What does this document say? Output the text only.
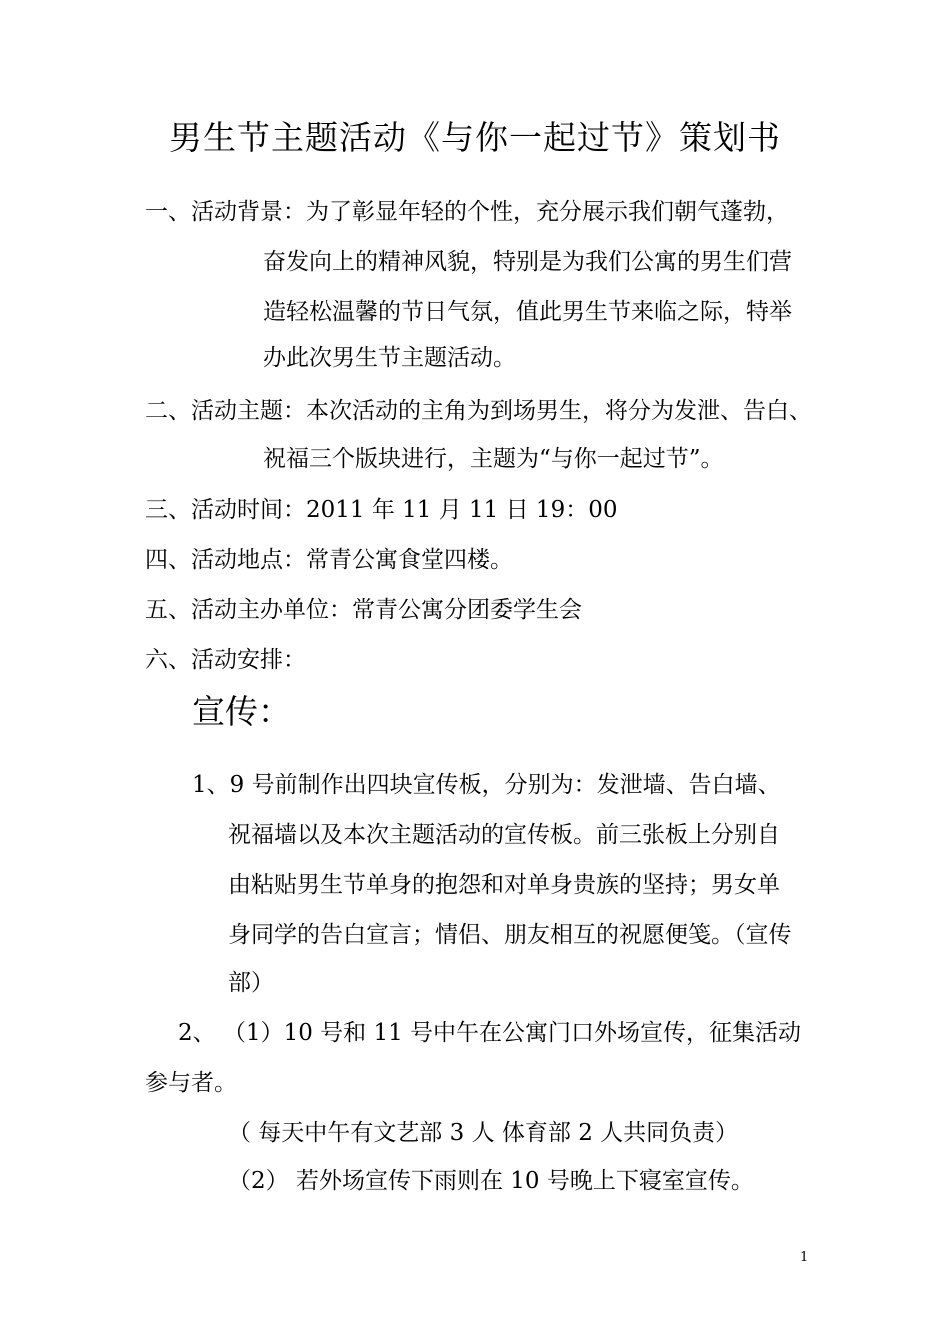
男生节主题活动《与你一起过节》策划书
一、活动背景：为了彰显年轻的个性，充分展示我们朝气蓬勃，
奋发向上的精神风貌，特别是为我们公寓的男生们营
造轻松温馨的节日气氛，值此男生节来临之际，特举
办此次男生节主题活动。
二、活动主题：本次活动的主角为到场男生，将分为发泄、告白、
祝福三个版块进行，主题为“与你一起过节”。
三、活动时间：2011 年 11 月 11 日 19：00
四、活动地点：常青公寓食堂四楼。
五、活动主办单位：常青公寓分团委学生会
六、活动安排：
宣传：
1、9 号前制作出四块宣传板，分别为：发泄墙、告白墙、
祝福墙以及本次主题活动的宣传板。前三张板上分别自
由粘贴男生节单身的抱怨和对单身贵族的坚持；男女单
身同学的告白宣言；情侣、朋友相互的祝愿便笺。（宣传
部）
2、 （1）10 号和 11 号中午在公寓门口外场宣传，征集活动
参与者。
（ 每天中午有文艺部 3 人 体育部 2 人共同负责）
（2） 若外场宣传下雨则在 10 号晚上下寝室宣传。
1
